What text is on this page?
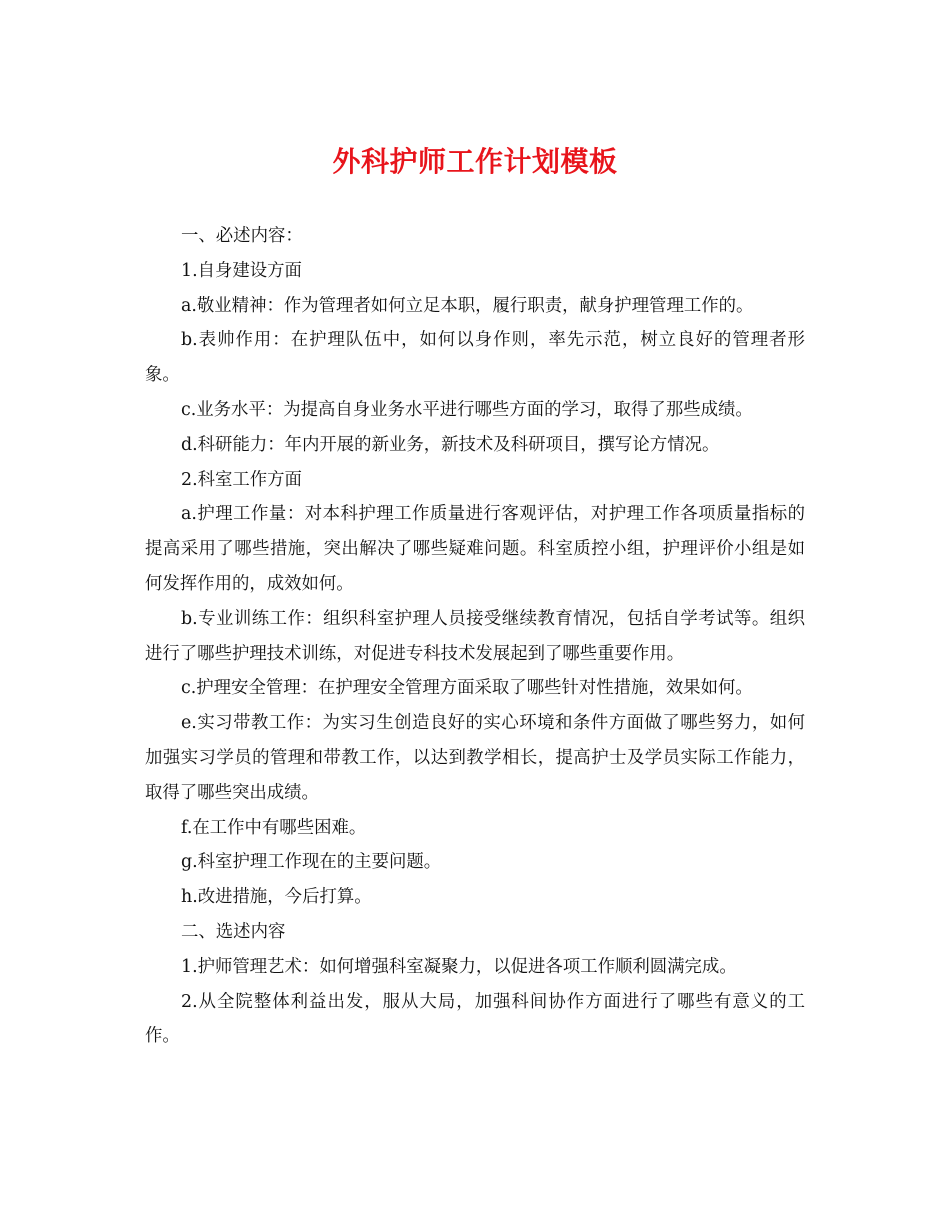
外科护师工作计划模板

一、必述内容：

1.自身建设方面

a.敬业精神：作为管理者如何立足本职，履行职责，献身护理管理工作的。

b.表帅作用：在护理队伍中，如何以身作则，率先示范，树立良好的管理者形象。

c.业务水平：为提高自身业务水平进行哪些方面的学习，取得了那些成绩。

d.科研能力：年内开展的新业务，新技术及科研项目，撰写论方情况。

2.科室工作方面

a.护理工作量：对本科护理工作质量进行客观评估，对护理工作各项质量指标的提高采用了哪些措施，突出解决了哪些疑难问题。科室质控小组，护理评价小组是如何发挥作用的，成效如何。

b.专业训练工作：组织科室护理人员接受继续教育情况，包括自学考试等。组织进行了哪些护理技术训练，对促进专科技术发展起到了哪些重要作用。

c.护理安全管理：在护理安全管理方面采取了哪些针对性措施，效果如何。

e.实习带教工作：为实习生创造良好的实心环境和条件方面做了哪些努力，如何加强实习学员的管理和带教工作，以达到教学相长，提高护士及学员实际工作能力，取得了哪些突出成绩。

f.在工作中有哪些困难。

g.科室护理工作现在的主要问题。

h.改进措施，今后打算。

二、选述内容

1.护师管理艺术：如何增强科室凝聚力，以促进各项工作顺利圆满完成。

2.从全院整体利益出发，服从大局，加强科间协作方面进行了哪些有意义的工作。
